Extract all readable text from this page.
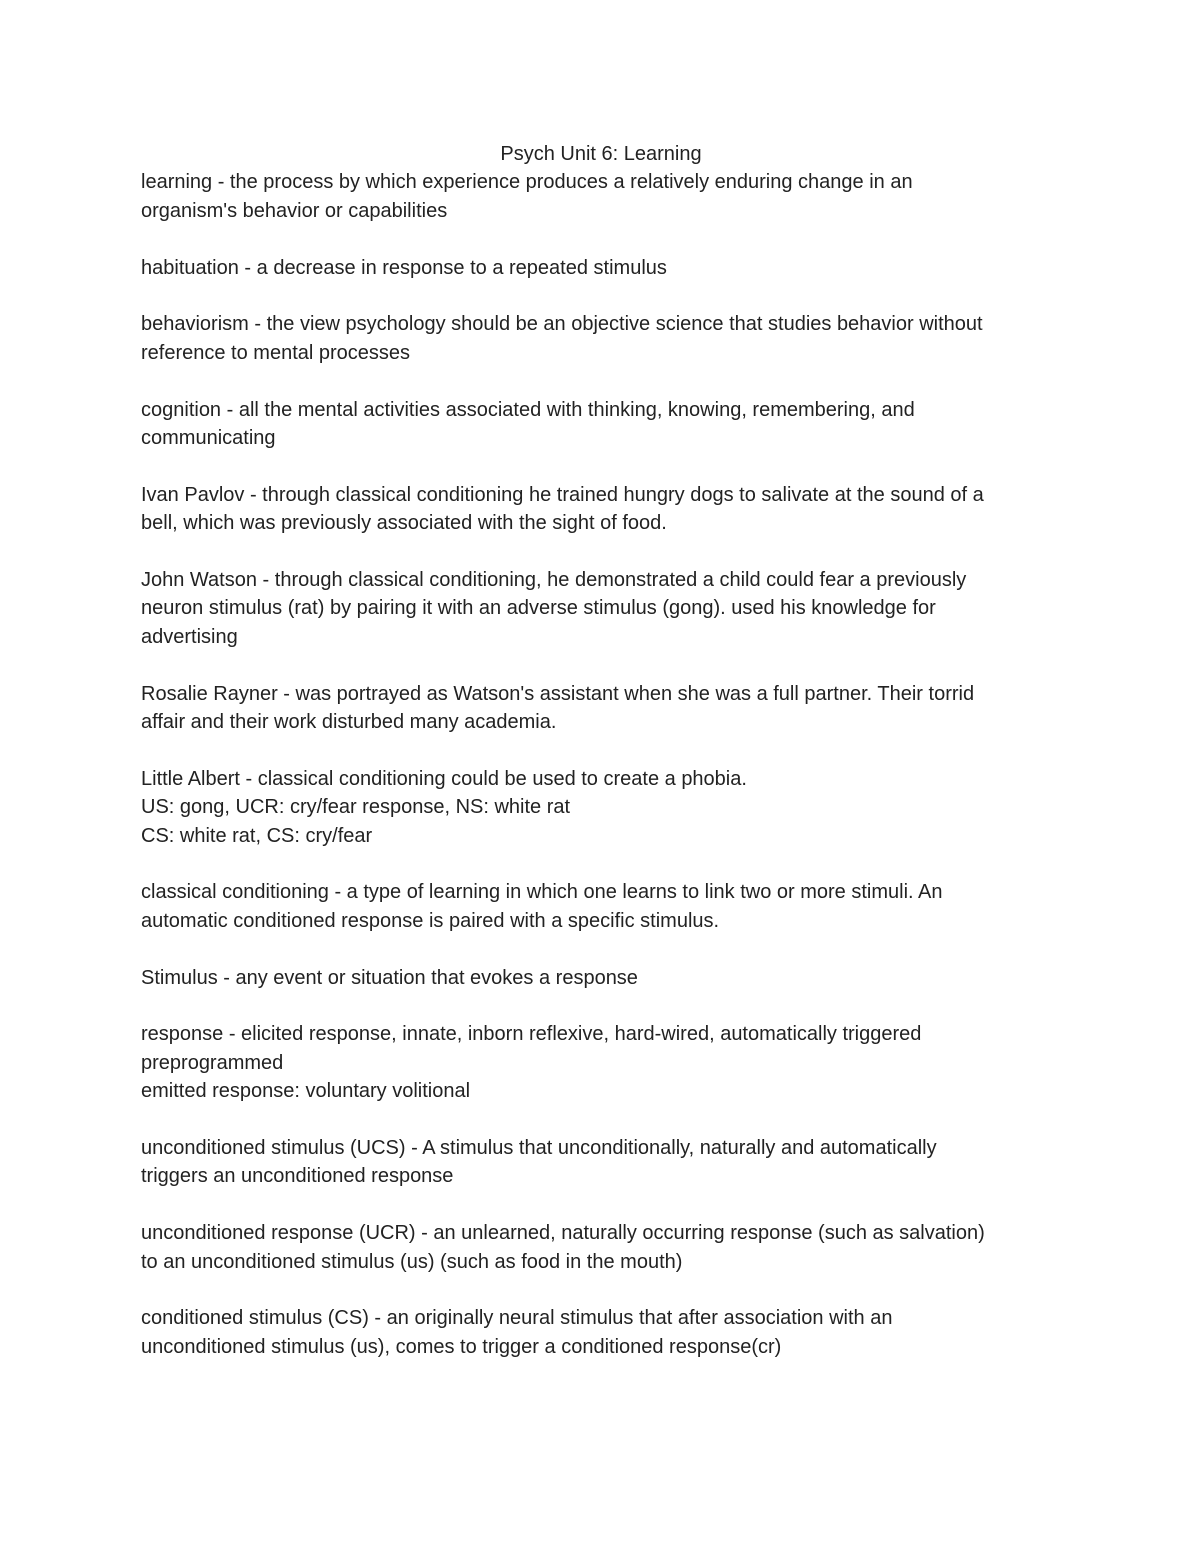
Psych Unit 6: Learning
learning - the process by which experience produces a relatively enduring change in an
organism's behavior or capabilities
habituation - a decrease in response to a repeated stimulus
behaviorism - the view psychology should be an objective science that studies behavior without
reference to mental processes
cognition - all the mental activities associated with thinking, knowing, remembering, and
communicating
Ivan Pavlov - through classical conditioning he trained hungry dogs to salivate at the sound of a
bell, which was previously associated with the sight of food.
John Watson - through classical conditioning, he demonstrated a child could fear a previously
neuron stimulus (rat) by pairing it with an adverse stimulus (gong). used his knowledge for
advertising
Rosalie Rayner - was portrayed as Watson's assistant when she was a full partner. Their torrid
affair and their work disturbed many academia.
Little Albert - classical conditioning could be used to create a phobia.
US: gong, UCR: cry/fear response, NS: white rat
CS: white rat, CS: cry/fear
classical conditioning - a type of learning in which one learns to link two or more stimuli. An
automatic conditioned response is paired with a specific stimulus.
Stimulus - any event or situation that evokes a response
response - elicited response, innate, inborn reflexive, hard-wired, automatically triggered
preprogrammed
emitted response: voluntary volitional
unconditioned stimulus (UCS) - A stimulus that unconditionally, naturally and automatically
triggers an unconditioned response
unconditioned response (UCR) - an unlearned, naturally occurring response (such as salvation)
to an unconditioned stimulus (us) (such as food in the mouth)
conditioned stimulus (CS) - an originally neural stimulus that after association with an
unconditioned stimulus (us), comes to trigger a conditioned response(cr)
